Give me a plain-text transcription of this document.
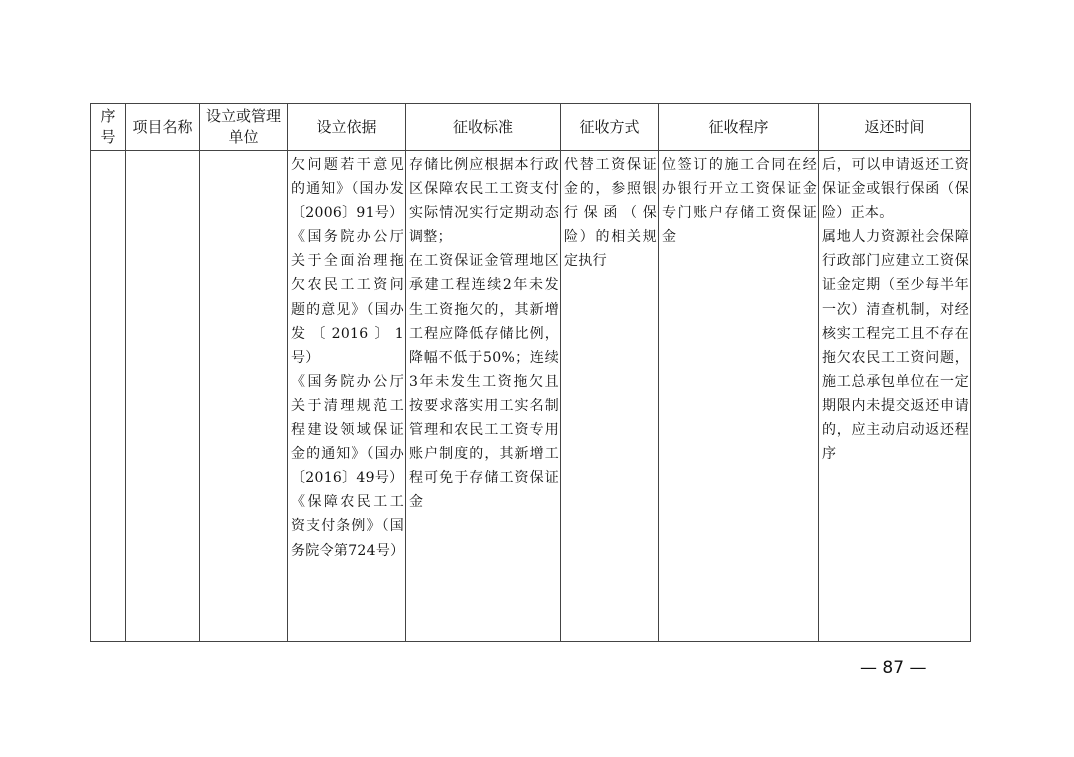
序号	项目名称	设立或管理单位	设立依据	征收标准	征收方式	征收程序	返还时间

			欠问题若干意见的通知》（国办发〔2006〕91号）
《国务院办公厅关于全面治理拖欠农民工工资问题的意见》（国办发〔2016〕1号）
《国务院办公厅关于清理规范工程建设领域保证金的通知》（国办〔2016〕49号）
《保障农民工工资支付条例》（国务院令第724号）	存储比例应根据本行政区保障农民工工资支付实际情况实行定期动态调整；
在工资保证金管理地区承建工程连续2年未发生工资拖欠的，其新增工程应降低存储比例，降幅不低于50%；连续3年未发生工资拖欠且按要求落实用工实名制管理和农民工工资专用账户制度的，其新增工程可免于存储工资保证金	代替工资保证金的，参照银行保函（保险）的相关规定执行	位签订的施工合同在经办银行开立工资保证金专门账户存储工资保证金	后，可以申请返还工资保证金或银行保函（保险）正本。
属地人力资源社会保障行政部门应建立工资保证金定期（至少每半年一次）清查机制，对经核实工程完工且不存在拖欠农民工工资问题，施工总承包单位在一定期限内未提交返还申请的，应主动启动返还程序
— 87 —
